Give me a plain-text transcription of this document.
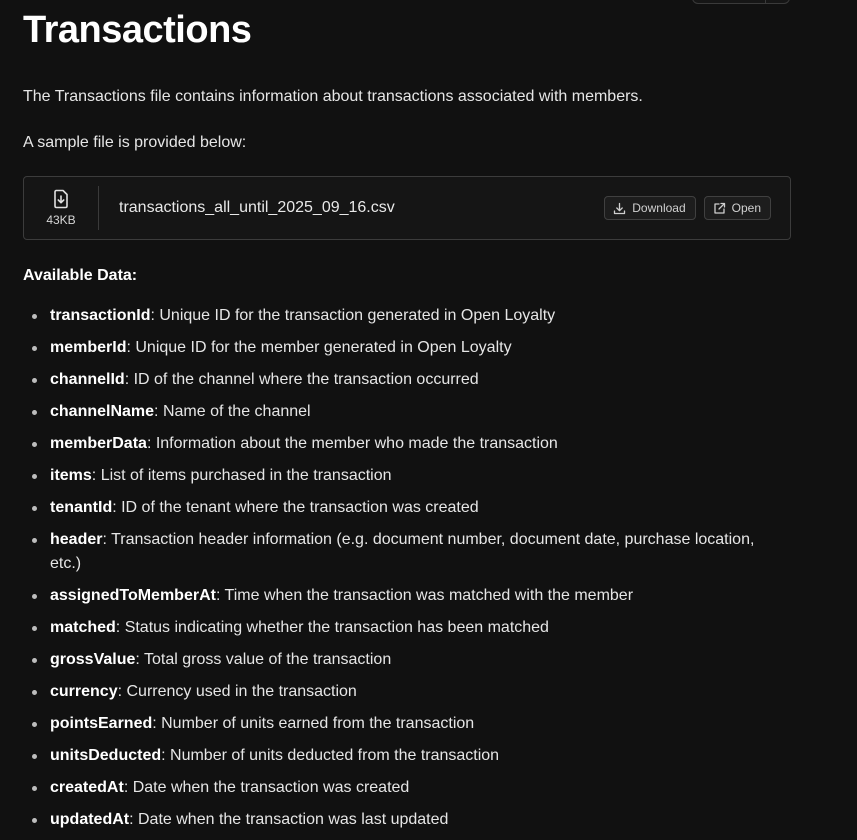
Transactions

The Transactions file contains information about transactions associated with members.

A sample file is provided below:

43KB
transactions_all_until_2025_09_16.csv	Download	Open
Available Data:
transactionId: Unique ID for the transaction generated in Open Loyalty
memberId: Unique ID for the member generated in Open Loyalty
channelId: ID of the channel where the transaction occurred
channelName: Name of the channel
memberData: Information about the member who made the transaction
items: List of items purchased in the transaction
tenantId: ID of the tenant where the transaction was created
header: Transaction header information (e.g. document number, document date, purchase location, etc.)
assignedToMemberAt: Time when the transaction was matched with the member
matched: Status indicating whether the transaction has been matched
grossValue: Total gross value of the transaction
currency: Currency used in the transaction
pointsEarned: Number of units earned from the transaction
unitsDeducted: Number of units deducted from the transaction
createdAt: Date when the transaction was created
updatedAt: Date when the transaction was last updated
